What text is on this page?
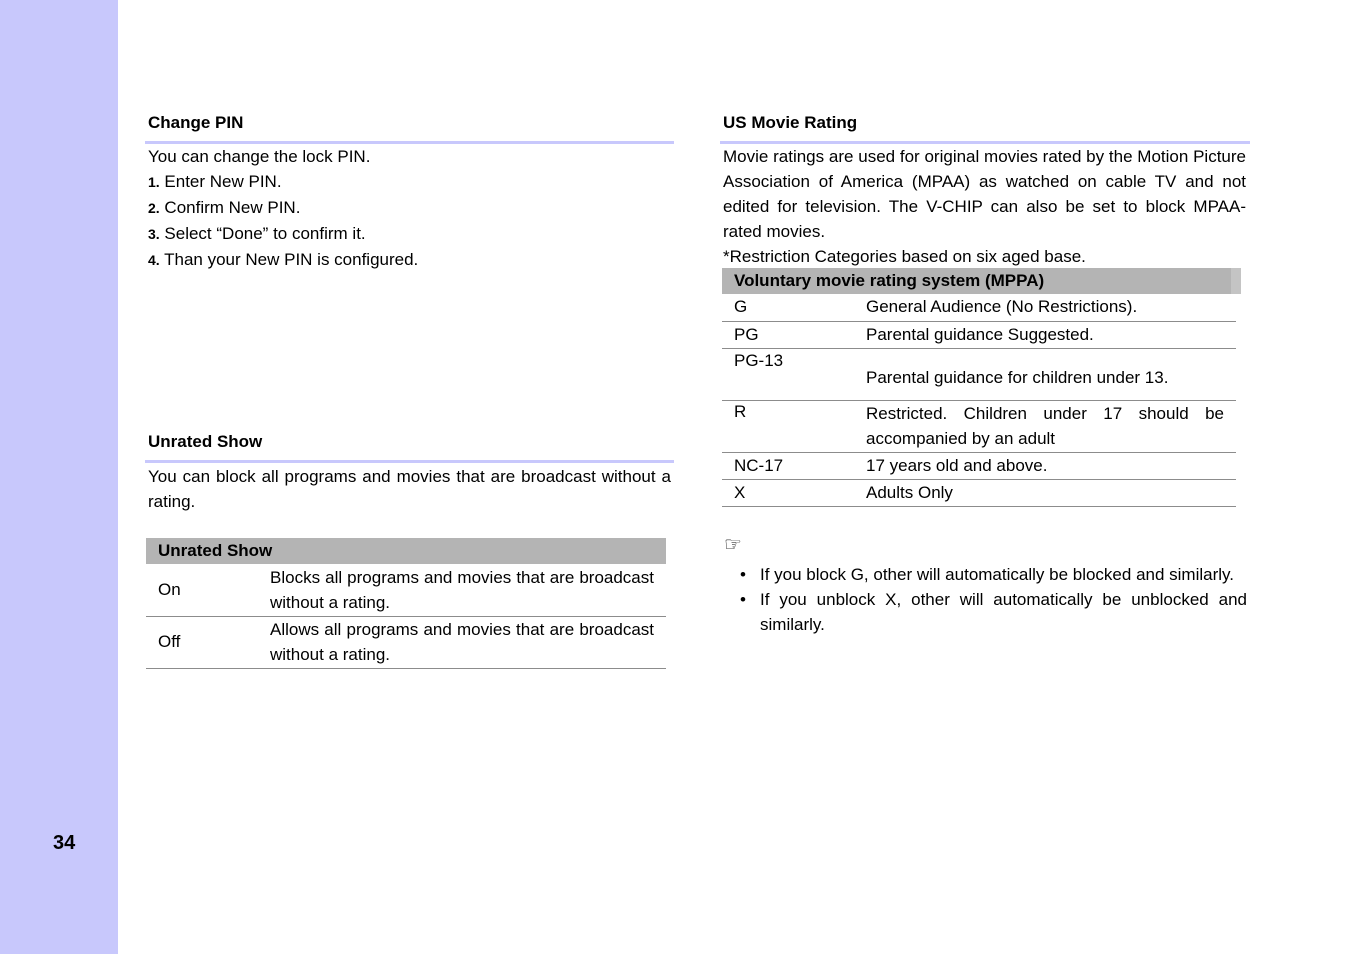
34
Change PIN
You can change the lock PIN.
1. Enter New PIN.
2. Confirm New PIN.
3. Select “Done” to confirm it.
4. Than your New PIN is configured.
Unrated Show
You can block all programs and movies that are broadcast without a rating.
Unrated Show	
On	Blocks all programs and movies that are broadcast without a rating.
Off	Allows all programs and movies that are broadcast without a rating.
US Movie Rating
Movie ratings are used for original movies rated by the Motion Picture Association of America (MPAA) as watched on cable TV and not edited for television. The V-CHIP can also be set to block MPAA-rated movies.
*Restriction Categories based on six aged base.
Voluntary movie rating system (MPPA)	
G	General Audience (No Restrictions).
PG	Parental guidance Suggested.
PG-13	Parental guidance for children under 13.
R	Restricted. Children under 17 should be accompanied by an adult
NC-17	17 years old and above.
X	Adults Only
☞
• If you block G, other will automatically be blocked and similarly.
• If you unblock X, other will automatically be unblocked and similarly.
